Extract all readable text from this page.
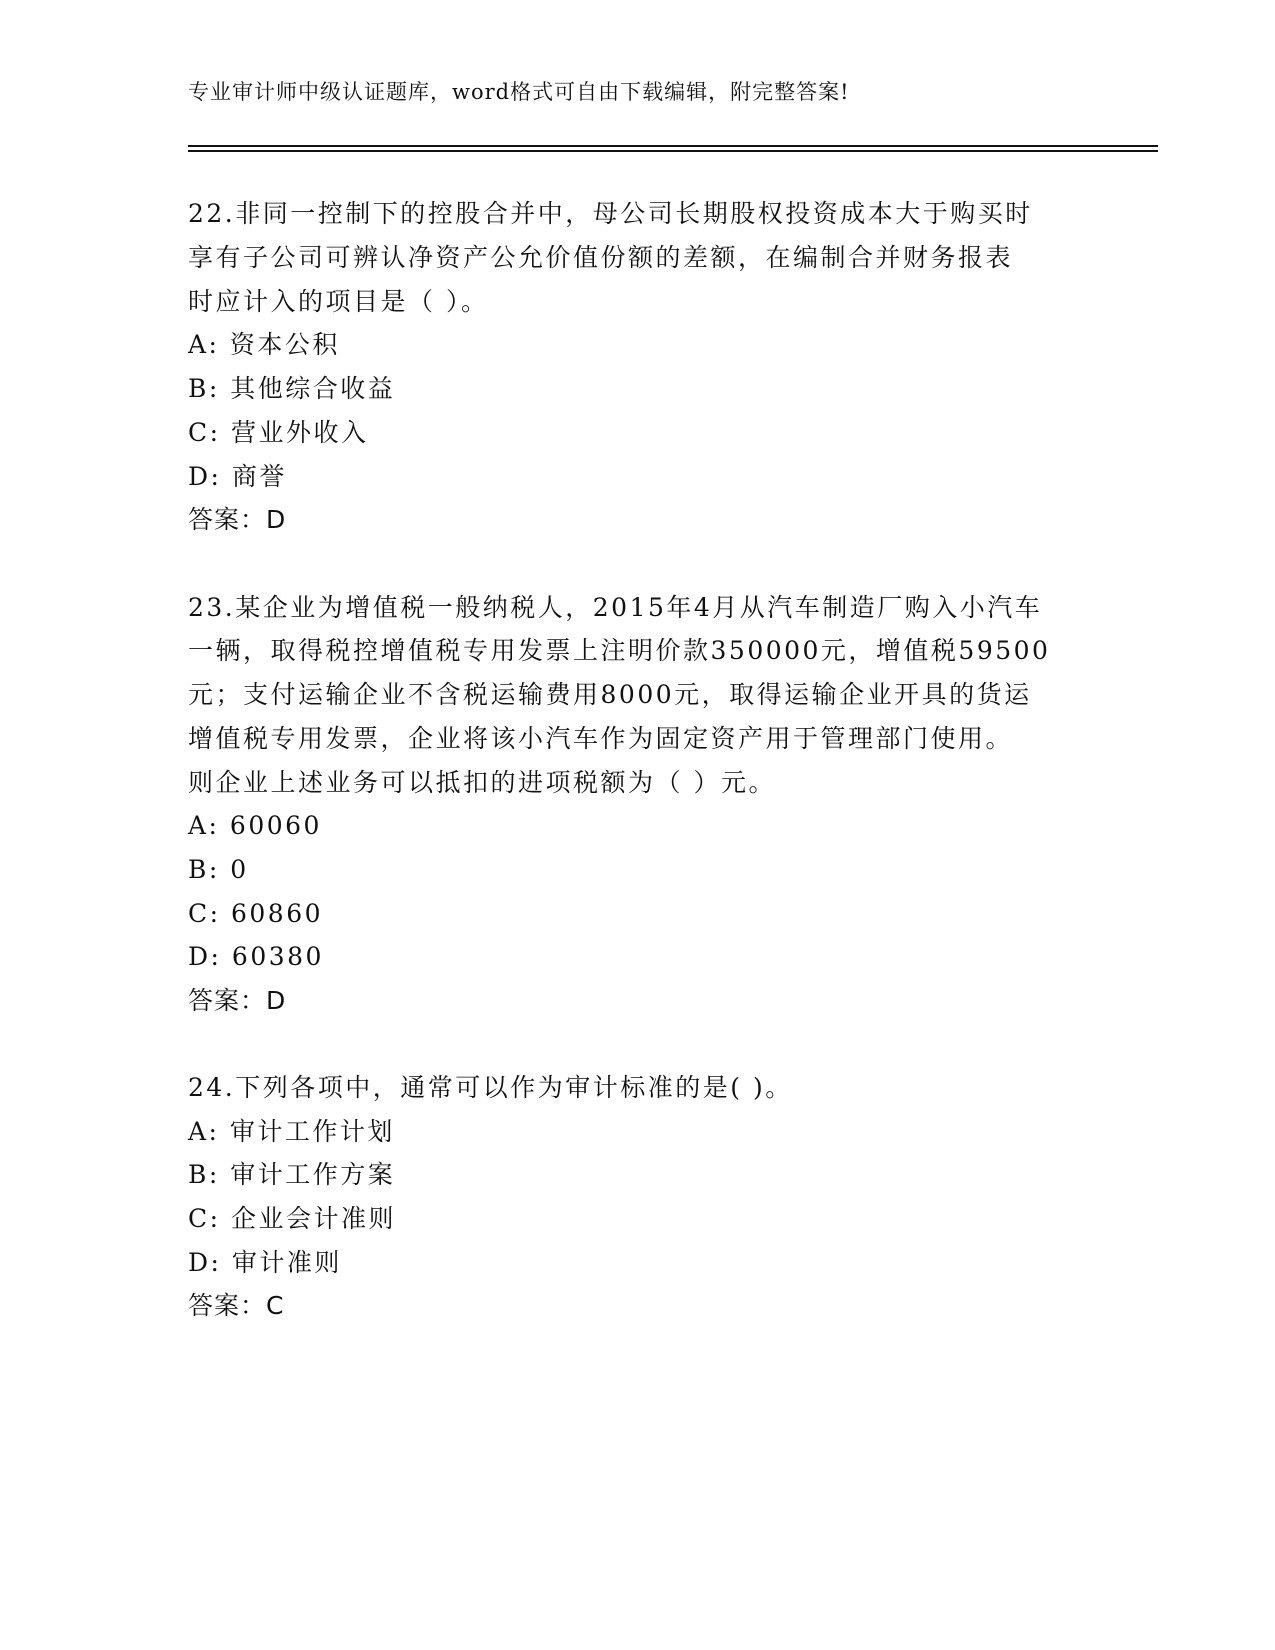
专业审计师中级认证题库，word格式可自由下载编辑，附完整答案!
22.非同一控制下的控股合并中，母公司长期股权投资成本大于购买时
享有子公司可辨认净资产公允价值份额的差额，在编制合并财务报表
时应计入的项目是（ ）。
A: 资本公积
B: 其他综合收益
C: 营业外收入
D: 商誉
答案：D
23.某企业为增值税一般纳税人，2015年4月从汽车制造厂购入小汽车
一辆，取得税控增值税专用发票上注明价款350000元，增值税59500
元；支付运输企业不含税运输费用8000元，取得运输企业开具的货运
增值税专用发票，企业将该小汽车作为固定资产用于管理部门使用。
则企业上述业务可以抵扣的进项税额为（ ）元。
A: 60060
B: 0
C: 60860
D: 60380
答案：D
24.下列各项中，通常可以作为审计标准的是( )。
A: 审计工作计划
B: 审计工作方案
C: 企业会计准则
D: 审计准则
答案：C
